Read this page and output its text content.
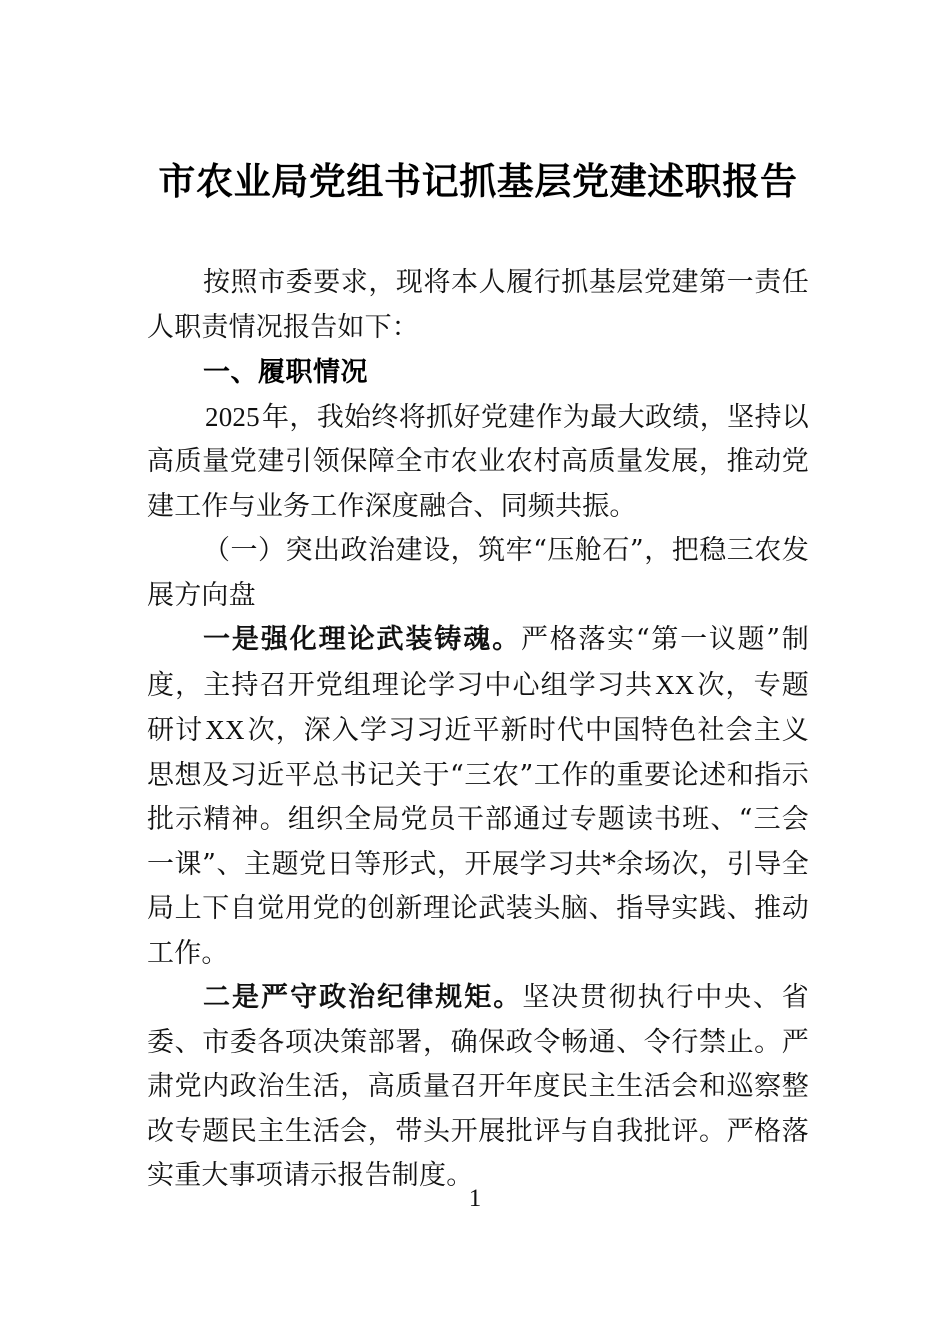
市农业局党组书记抓基层党建述职报告

按照市委要求，现将本人履行抓基层党建第一责任人职责情况报告如下：

一、履职情况

2025年，我始终将抓好党建作为最大政绩，坚持以高质量党建引领保障全市农业农村高质量发展，推动党建工作与业务工作深度融合、同频共振。

（一）突出政治建设，筑牢“压舱石”，把稳三农发展方向盘

一是强化理论武装铸魂。严格落实“第一议题”制度，主持召开党组理论学习中心组学习共XX次，专题研讨XX次，深入学习习近平新时代中国特色社会主义思想及习近平总书记关于“三农”工作的重要论述和指示批示精神。组织全局党员干部通过专题读书班、“三会一课”、主题党日等形式，开展学习共*余场次，引导全局上下自觉用党的创新理论武装头脑、指导实践、推动工作。

二是严守政治纪律规矩。坚决贯彻执行中央、省委、市委各项决策部署，确保政令畅通、令行禁止。严肃党内政治生活，高质量召开年度民主生活会和巡察整改专题民主生活会，带头开展批评与自我批评。严格落实重大事项请示报告制度。

1
